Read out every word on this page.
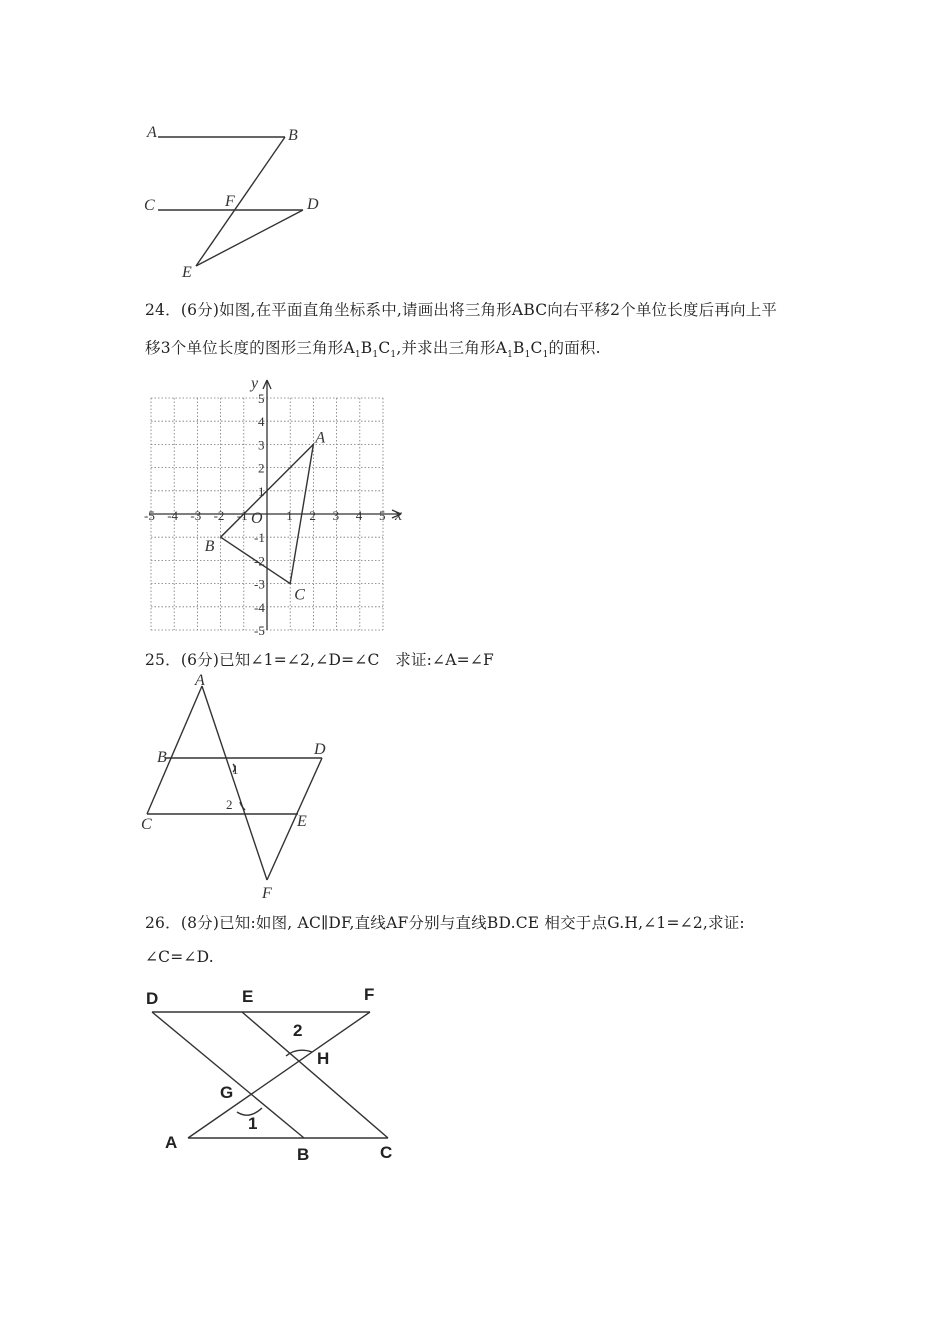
A	B
C	F	D
E
24．(6分)如图,在平面直角坐标系中,请画出将三角形ABC向右平移2个单位长度后再向上平
移3个单位长度的图形三角形$A_1B_1C_1$,并求出三角形$A_1B_1C_1$的面积.
x
y
O
-5 -4 -3 -2 -1	1 2 3 4 5
5
4
3
2
1
-1
-2
-3
-4
-5
A
B
C
25．(6分)已知∠1=∠2,∠D=∠C　求证:∠A=∠F
A
B	D
C	E
F
1
2
26．(8分)已知:如图, AC∥DF,直线AF分别与直线BD.CE 相交于点G.H,∠1=∠2,求证:
∠C=∠D.
D	E	F
2
H
G
1
A
B	C
